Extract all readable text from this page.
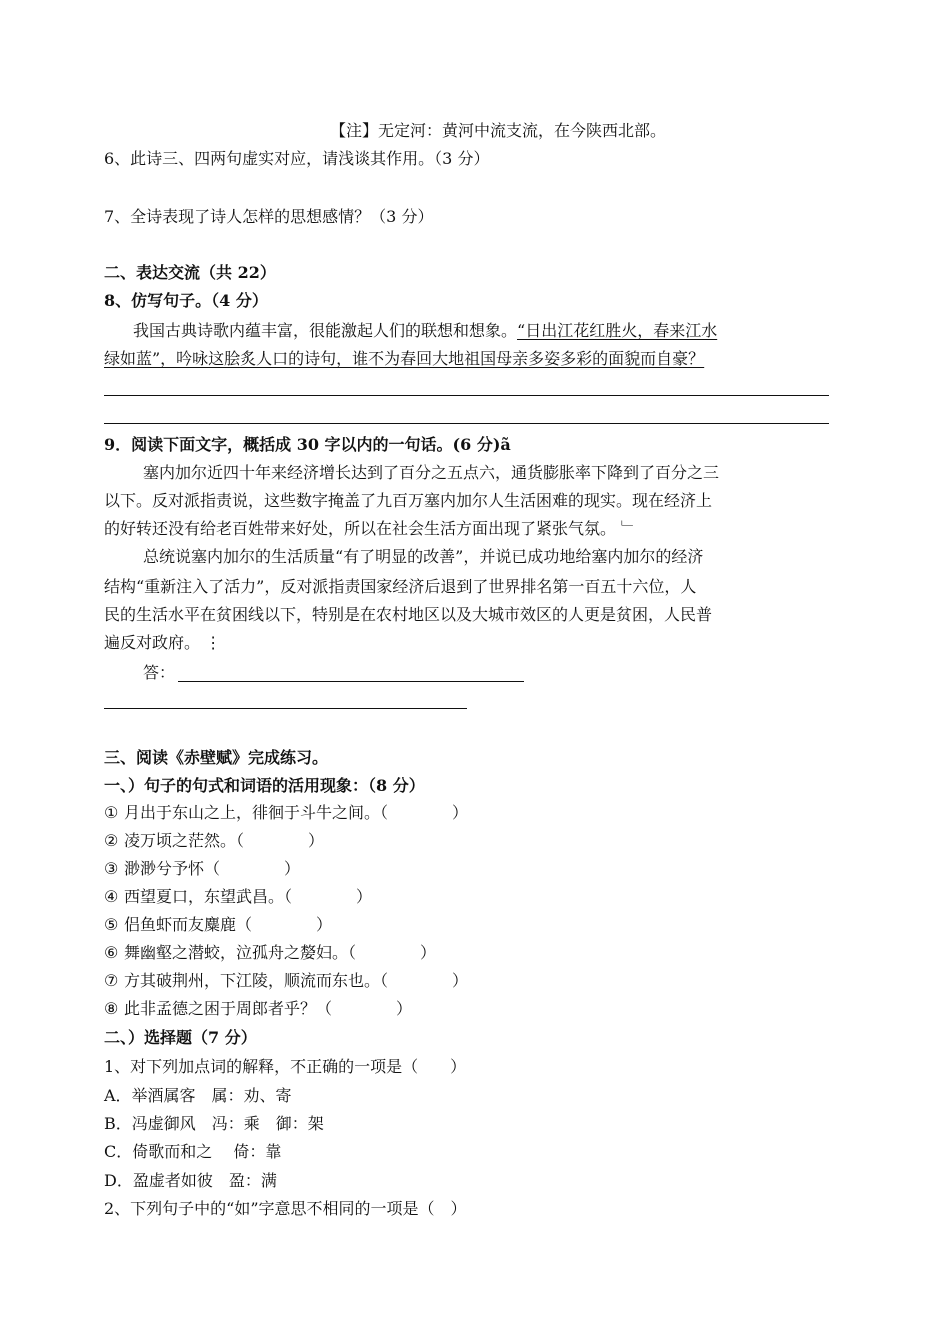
【注】无定河：黄河中流支流，在今陕西北部。
6、此诗三、四两句虚实对应，请浅谈其作用。（3 分）
7、全诗表现了诗人怎样的思想感情？（3 分）
二、表达交流（共 22）
8、仿写句子。（4 分）
我国古典诗歌内蕴丰富，很能激起人们的联想和想象。“日出江花红胜火，春来江水
绿如蓝”，吟咏这脍炙人口的诗句，谁不为春回大地祖国母亲多姿多彩的面貌而自豪？
9．阅读下面文字，概括成 30 字以内的一句话。(6 分)ã
塞内加尔近四十年来经济增长达到了百分之五点六，通货膨胀率下降到了百分之三
以下。反对派指责说，这些数字掩盖了九百万塞内加尔人生活困难的现实。现在经济上
的好转还没有给老百姓带来好处，所以在社会生活方面出现了紧张气氛。 ﹂
总统说塞内加尔的生活质量“有了明显的改善”，并说已成功地给塞内加尔的经济
结构“重新注入了活力”，反对派指责国家经济后退到了世界排名第一百五十六位，人
民的生活水平在贫困线以下，特别是在农村地区以及大城市效区的人更是贫困，人民普
遍反对政府。 ⋮
答：
三、阅读《赤壁赋》完成练习。
一、）句子的句式和词语的活用现象：（8 分）
① 月出于东山之上，徘徊于斗牛之间。（　　　　）
② 凌万顷之茫然。（　　　　）
③ 渺渺兮予怀（　　　　）
④ 西望夏口，东望武昌。（　　　　）
⑤ 侣鱼虾而友麋鹿（　　　　）
⑥ 舞幽壑之潜蛟，泣孤舟之嫠妇。（　　　　）
⑦ 方其破荆州，下江陵，顺流而东也。（　　　　）
⑧ 此非孟德之困于周郎者乎？（　　　　）
二、）选择题（7 分）
1、对下列加点词的解释，不正确的一项是（　　）
A．举酒属客　属：劝、寄
B．冯虚御风　冯：乘　御：架
C．倚歌而和之　 倚：靠
D．盈虚者如彼　盈：满
2、下列句子中的“如”字意思不相同的一项是（　）
